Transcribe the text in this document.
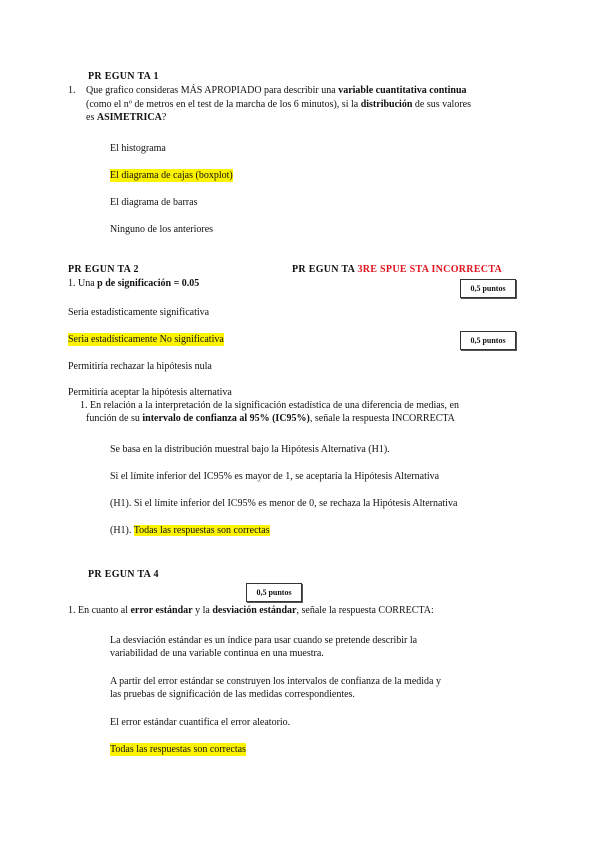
PR EGUN TA 1
1. Que grafico consideras MÁS APROPIADO para describir una variable cuantitativa continua
(como el nº de metros en el test de la marcha de los 6 minutos), si la distribución de sus valores
es ASIMETRICA?
El histograma
El diagrama de cajas (boxplot)
El diagrama de barras
Ninguno de los anteriores
PR EGUN TA 2
1. Una p de significación = 0.05
Seria estadísticamente significativa
Seria estadísticamente No significativa
Permitiría rechazar la hipótesis nula
Permitiría aceptar la hipótesis alternativa
PR EGUN TA 3RE SPUE STA INCORRECTA
0,5 puntos
0,5 puntos
1. En relación a la interpretación de la significación estadística de una diferencia de medias, en
función de su intervalo de confianza al 95% (IC95%), señale la respuesta INCORRECTA
Se basa en la distribución muestral bajo la Hipótesis Alternativa (H1).
Si el límite inferior del IC95% es mayor de 1, se aceptaría la Hipótesis Alternativa
(H1). Si el límite inferior del IC95% es menor de 0, se rechaza la Hipótesis Alternativa
(H1). Todas las respuestas son correctas
PR EGUN TA 4
0,5 puntos
1. En cuanto al error estándar y la desviación estándar, señale la respuesta CORRECTA:
La desviación estándar es un índice para usar cuando se pretende describir la
variabilidad de una variable continua en una muestra.
A partir del error estándar se construyen los intervalos de confianza de la medida y
las pruebas de significación de las medidas correspondientes.
El error estándar cuantifica el error aleatorio.
Todas las respuestas son correctas
